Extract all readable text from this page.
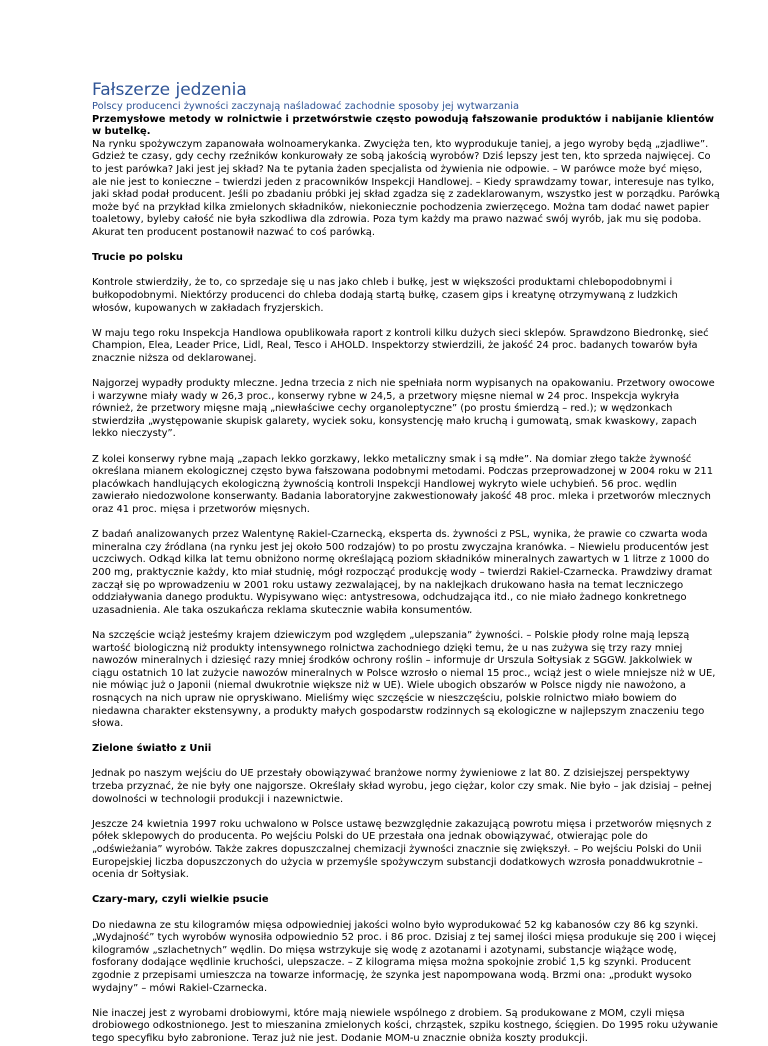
Fałszerze jedzenia

Polscy producenci żywności zaczynają naśladować zachodnie sposoby jej wytwarzania

Przemysłowe metody w rolnictwie i przetwórstwie często powodują fałszowanie produktów i nabijanie klientów w butelkę.

Na rynku spożywczym zapanowała wolnoamerykanka. Zwycięża ten, kto wyprodukuje taniej, a jego wyroby będą „zjadliwe”. Gdzież te czasy, gdy cechy rzeźników konkurowały ze sobą jakością wyrobów? Dziś lepszy jest ten, kto sprzeda najwięcej. Co to jest parówka? Jaki jest jej skład? Na te pytania żaden specjalista od żywienia nie odpowie. – W parówce może być mięso, ale nie jest to konieczne – twierdzi jeden z pracowników Inspekcji Handlowej. – Kiedy sprawdzamy towar, interesuje nas tylko, jaki skład podał producent. Jeśli po zbadaniu próbki jej skład zgadza się z zadeklarowanym, wszystko jest w porządku. Parówką może być na przykład kilka zmielonych składników, niekoniecznie pochodzenia zwierzęcego. Można tam dodać nawet papier toaletowy, byleby całość nie była szkodliwa dla zdrowia. Poza tym każdy ma prawo nazwać swój wyrób, jak mu się podoba. Akurat ten producent postanowił nazwać to coś parówką.

Trucie po polsku

Kontrole stwierdziły, że to, co sprzedaje się u nas jako chleb i bułkę, jest w większości produktami chlebopodobnymi i bułkopodobnymi. Niektórzy producenci do chleba dodają startą bułkę, czasem gips i kreatynę otrzymywaną z ludzkich włosów, kupowanych w zakładach fryzjerskich.

W maju tego roku Inspekcja Handlowa opublikowała raport z kontroli kilku dużych sieci sklepów. Sprawdzono Biedronkę, sieć Champion, Elea, Leader Price, Lidl, Real, Tesco i AHOLD. Inspektorzy stwierdzili, że jakość 24 proc. badanych towarów była znacznie niższa od deklarowanej.

Najgorzej wypadły produkty mleczne. Jedna trzecia z nich nie spełniała norm wypisanych na opakowaniu. Przetwory owocowe i warzywne miały wady w 26,3 proc., konserwy rybne w 24,5, a przetwory mięsne niemal w 24 proc. Inspekcja wykryła również, że przetwory mięsne mają „niewłaściwe cechy organoleptyczne” (po prostu śmierdzą – red.); w wędzonkach stwierdziła „występowanie skupisk galarety, wyciek soku, konsystencję mało kruchą i gumowatą, smak kwaskowy, zapach lekko nieczysty”.

Z kolei konserwy rybne mają „zapach lekko gorzkawy, lekko metaliczny smak i są mdłe”. Na domiar złego także żywność określana mianem ekologicznej często bywa fałszowana podobnymi metodami. Podczas przeprowadzonej w 2004 roku w 211 placówkach handlujących ekologiczną żywnością kontroli Inspekcji Handlowej wykryto wiele uchybień. 56 proc. wędlin zawierało niedozwolone konserwanty. Badania laboratoryjne zakwestionowały jakość 48 proc. mleka i przetworów mlecznych oraz 41 proc. mięsa i przetworów mięsnych.

Z badań analizowanych przez Walentynę Rakiel-Czarnecką, eksperta ds. żywności z PSL, wynika, że prawie co czwarta woda mineralna czy źródlana (na rynku jest jej około 500 rodzajów) to po prostu zwyczajna kranówka. – Niewielu producentów jest uczciwych. Odkąd kilka lat temu obniżono normę określającą poziom składników mineralnych zawartych w 1 litrze z 1000 do 200 mg, praktycznie każdy, kto miał studnię, mógł rozpocząć produkcję wody – twierdzi Rakiel-Czarnecka. Prawdziwy dramat zaczął się po wprowadzeniu w 2001 roku ustawy zezwalającej, by na naklejkach drukowano hasła na temat leczniczego oddziaływania danego produktu. Wypisywano więc: antystresowa, odchudzająca itd., co nie miało żadnego konkretnego uzasadnienia. Ale taka oszukańcza reklama skutecznie wabiła konsumentów.

Na szczęście wciąż jesteśmy krajem dziewiczym pod względem „ulepszania” żywności. – Polskie płody rolne mają lepszą wartość biologiczną niż produkty intensywnego rolnictwa zachodniego dzięki temu, że u nas zużywa się trzy razy mniej nawozów mineralnych i dziesięć razy mniej środków ochrony roślin – informuje dr Urszula Sołtysiak z SGGW. Jakkolwiek w ciągu ostatnich 10 lat zużycie nawozów mineralnych w Polsce wzrosło o niemal 15 proc., wciąż jest o wiele mniejsze niż w UE, nie mówiąc już o Japonii (niemal dwukrotnie większe niż w UE). Wiele ubogich obszarów w Polsce nigdy nie nawożono, a rosnących na nich upraw nie opryskiwano. Mieliśmy więc szczęście w nieszczęściu, polskie rolnictwo miało bowiem do niedawna charakter ekstensywny, a produkty małych gospodarstw rodzinnych są ekologiczne w najlepszym znaczeniu tego słowa.

Zielone światło z Unii

Jednak po naszym wejściu do UE przestały obowiązywać branżowe normy żywieniowe z lat 80. Z dzisiejszej perspektywy trzeba przyznać, że nie były one najgorsze. Określały skład wyrobu, jego ciężar, kolor czy smak. Nie było – jak dzisiaj – pełnej dowolności w technologii produkcji i nazewnictwie.

Jeszcze 24 kwietnia 1997 roku uchwalono w Polsce ustawę bezwzględnie zakazującą powrotu mięsa i przetworów mięsnych z półek sklepowych do producenta. Po wejściu Polski do UE przestała ona jednak obowiązywać, otwierając pole do „odświeżania” wyrobów. Także zakres dopuszczalnej chemizacji żywności znacznie się zwiększył. – Po wejściu Polski do Unii Europejskiej liczba dopuszczonych do użycia w przemyśle spożywczym substancji dodatkowych wzrosła ponaddwukrotnie – ocenia dr Sołtysiak.

Czary-mary, czyli wielkie psucie

Do niedawna ze stu kilogramów mięsa odpowiedniej jakości wolno było wyprodukować 52 kg kabanosów czy 86 kg szynki. „Wydajność” tych wyrobów wynosiła odpowiednio 52 proc. i 86 proc. Dzisiaj z tej samej ilości mięsa produkuje się 200 i więcej kilogramów „szlachetnych” wędlin. Do mięsa wstrzykuje się wodę z azotanami i azotynami, substancje wiążące wodę, fosforany dodające wędlinie kruchości, ulepszacze. – Z kilograma mięsa można spokojnie zrobić 1,5 kg szynki. Producent zgodnie z przepisami umieszcza na towarze informację, że szynka jest napompowana wodą. Brzmi ona: „produkt wysoko wydajny” – mówi Rakiel-Czarnecka.

Nie inaczej jest z wyrobami drobiowymi, które mają niewiele wspólnego z drobiem. Są produkowane z MOM, czyli mięsa drobiowego odkostnionego. Jest to mieszanina zmielonych kości, chrząstek, szpiku kostnego, ścięgien. Do 1995 roku używanie tego specyfiku było zabronione. Teraz już nie jest. Dodanie MOM-u znacznie obniża koszty produkcji.
